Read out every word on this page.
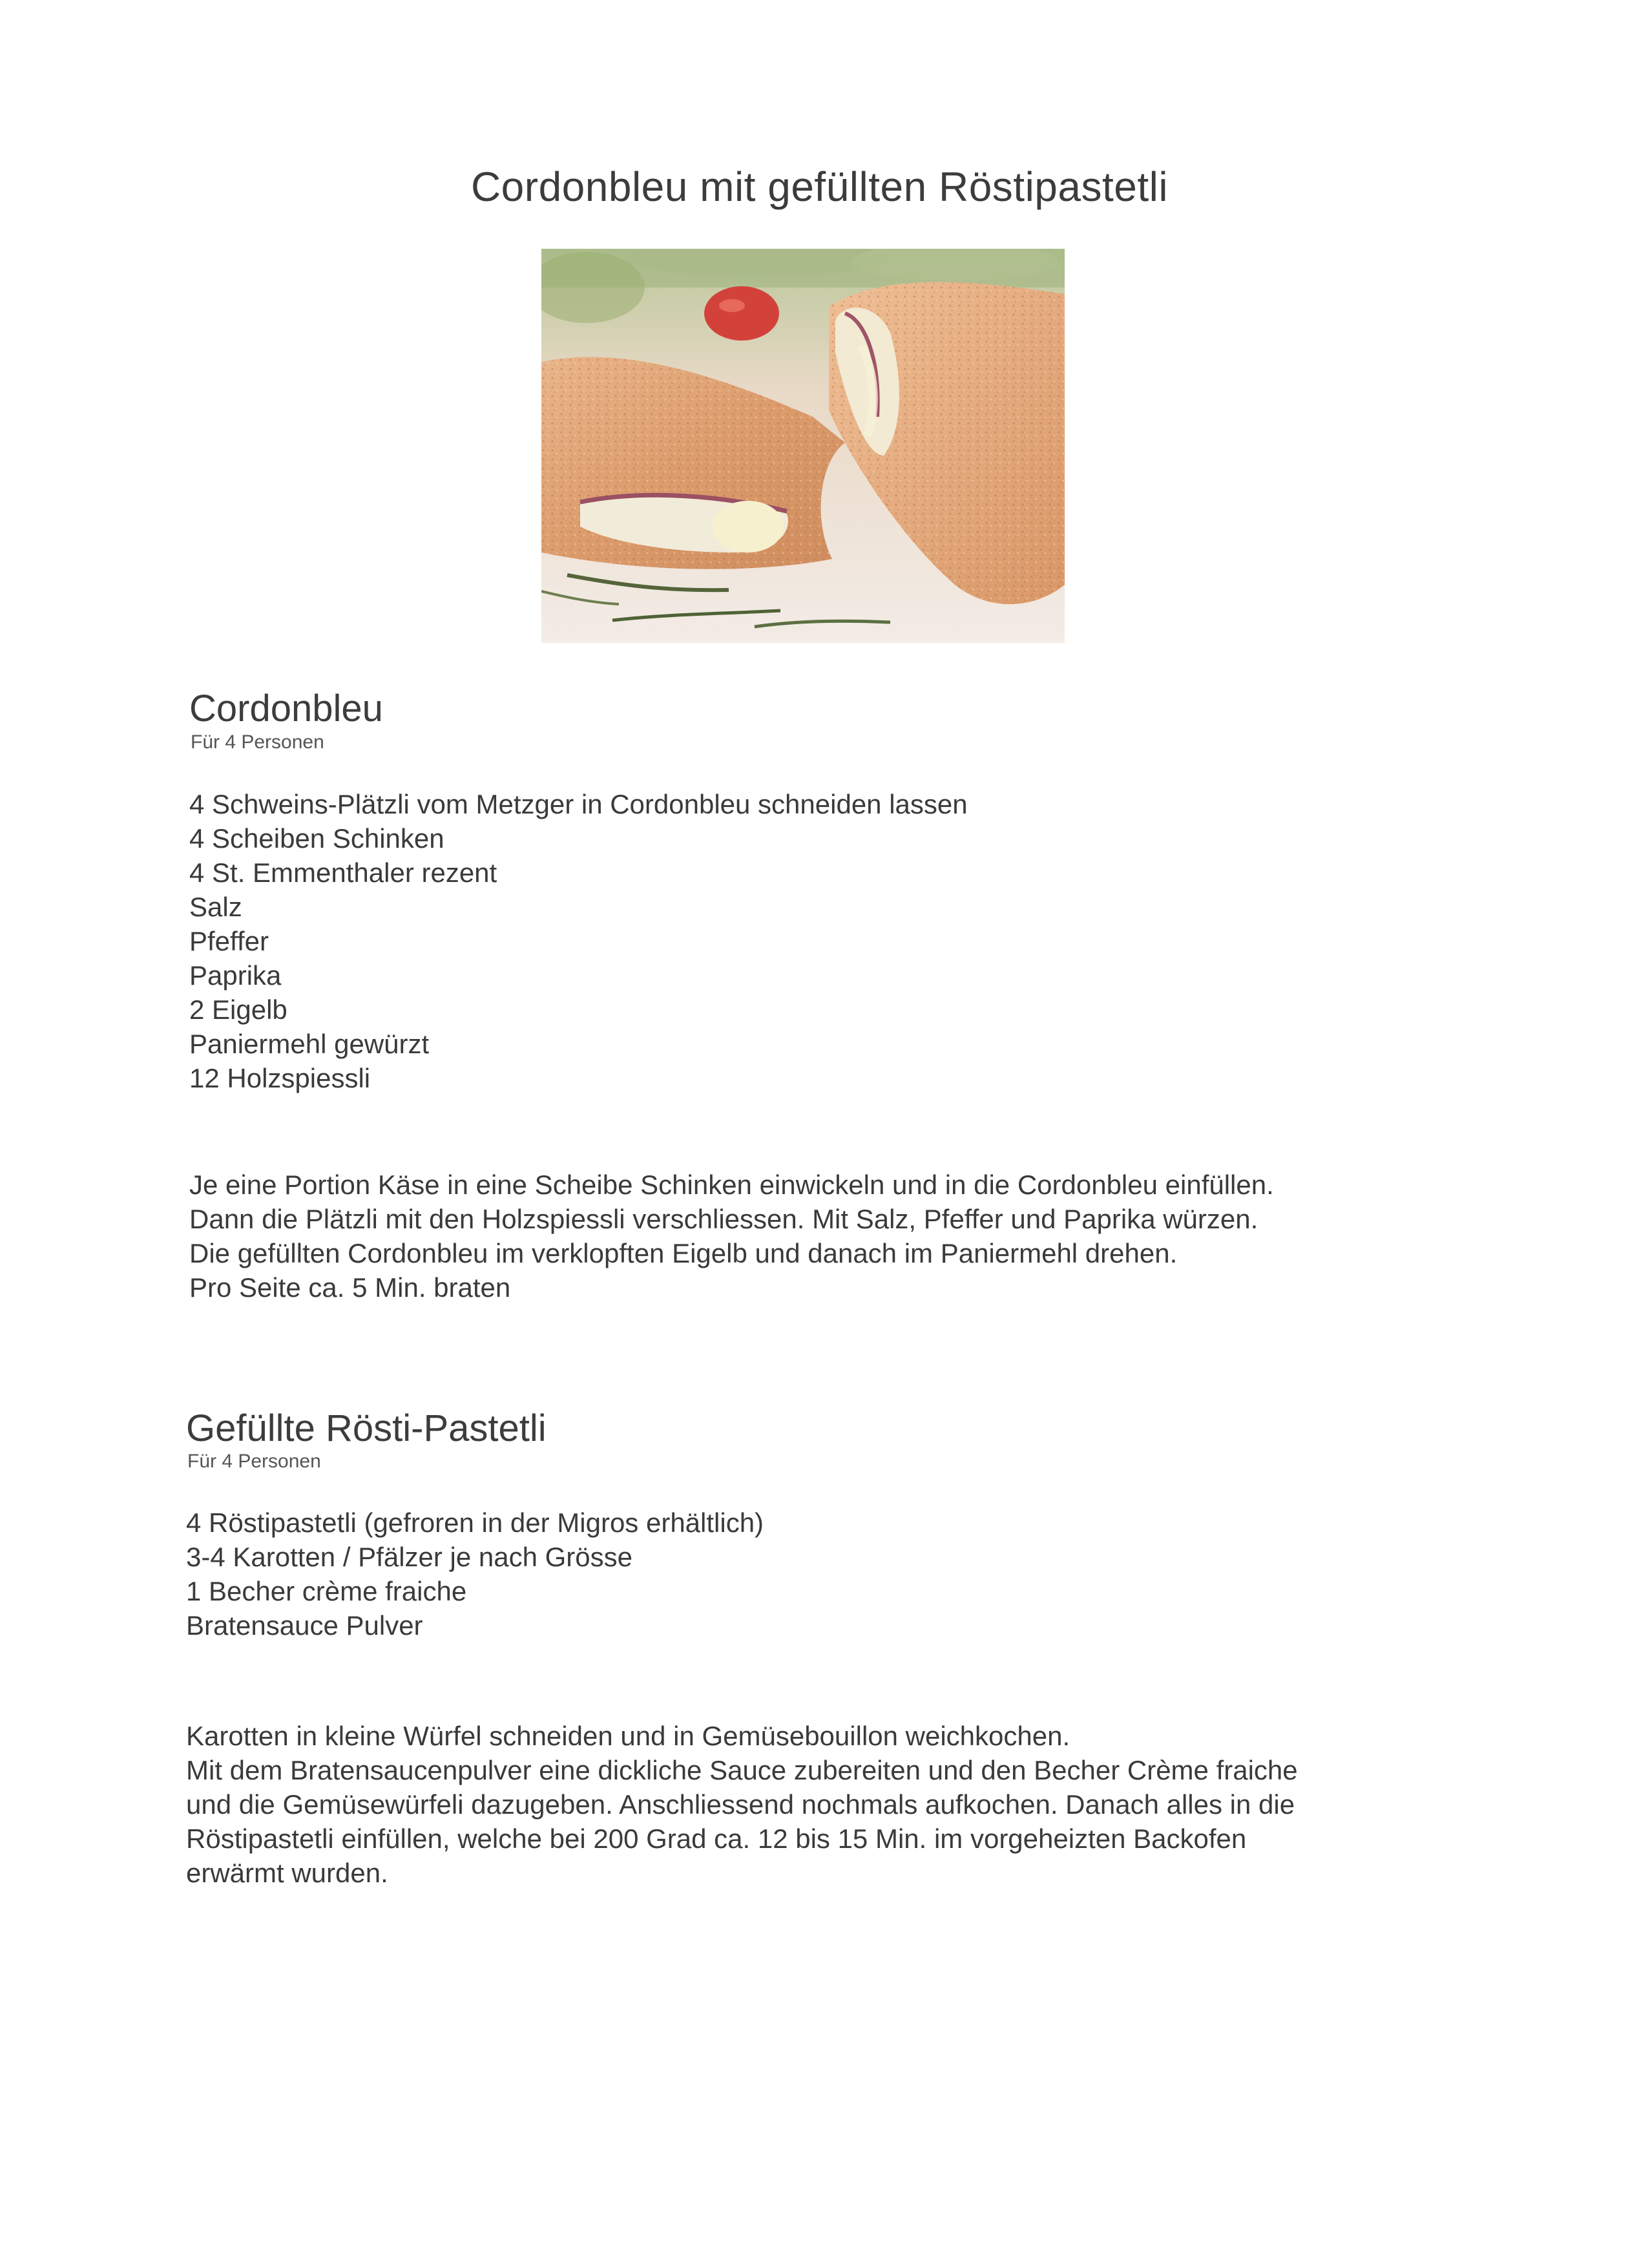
Cordonbleu mit gefüllten Röstipastetli
Cordonbleu
Für 4 Personen
4 Schweins-Plätzli vom Metzger in Cordonbleu schneiden lassen
4 Scheiben Schinken
4 St. Emmenthaler rezent
Salz
Pfeffer
Paprika
2 Eigelb
Paniermehl gewürzt
12 Holzspiessli
Je eine Portion Käse in eine Scheibe Schinken einwickeln und in die Cordonbleu einfüllen.
Dann die Plätzli mit den Holzspiessli verschliessen. Mit Salz, Pfeffer und Paprika würzen.
Die gefüllten Cordonbleu im verklopften Eigelb und danach im Paniermehl drehen.
Pro Seite ca. 5 Min. braten
Gefüllte Rösti-Pastetli
Für 4 Personen
4 Röstipastetli (gefroren in der Migros erhältlich)
3-4 Karotten / Pfälzer je nach Grösse
1 Becher crème fraiche
Bratensauce Pulver
Karotten in kleine Würfel schneiden und in Gemüsebouillon weichkochen.
Mit dem Bratensaucenpulver eine dickliche Sauce zubereiten und den Becher Crème fraiche
und die Gemüsewürfeli dazugeben. Anschliessend nochmals aufkochen. Danach alles in die
Röstipastetli einfüllen, welche bei 200 Grad ca. 12 bis 15 Min. im vorgeheizten Backofen
erwärmt wurden.
